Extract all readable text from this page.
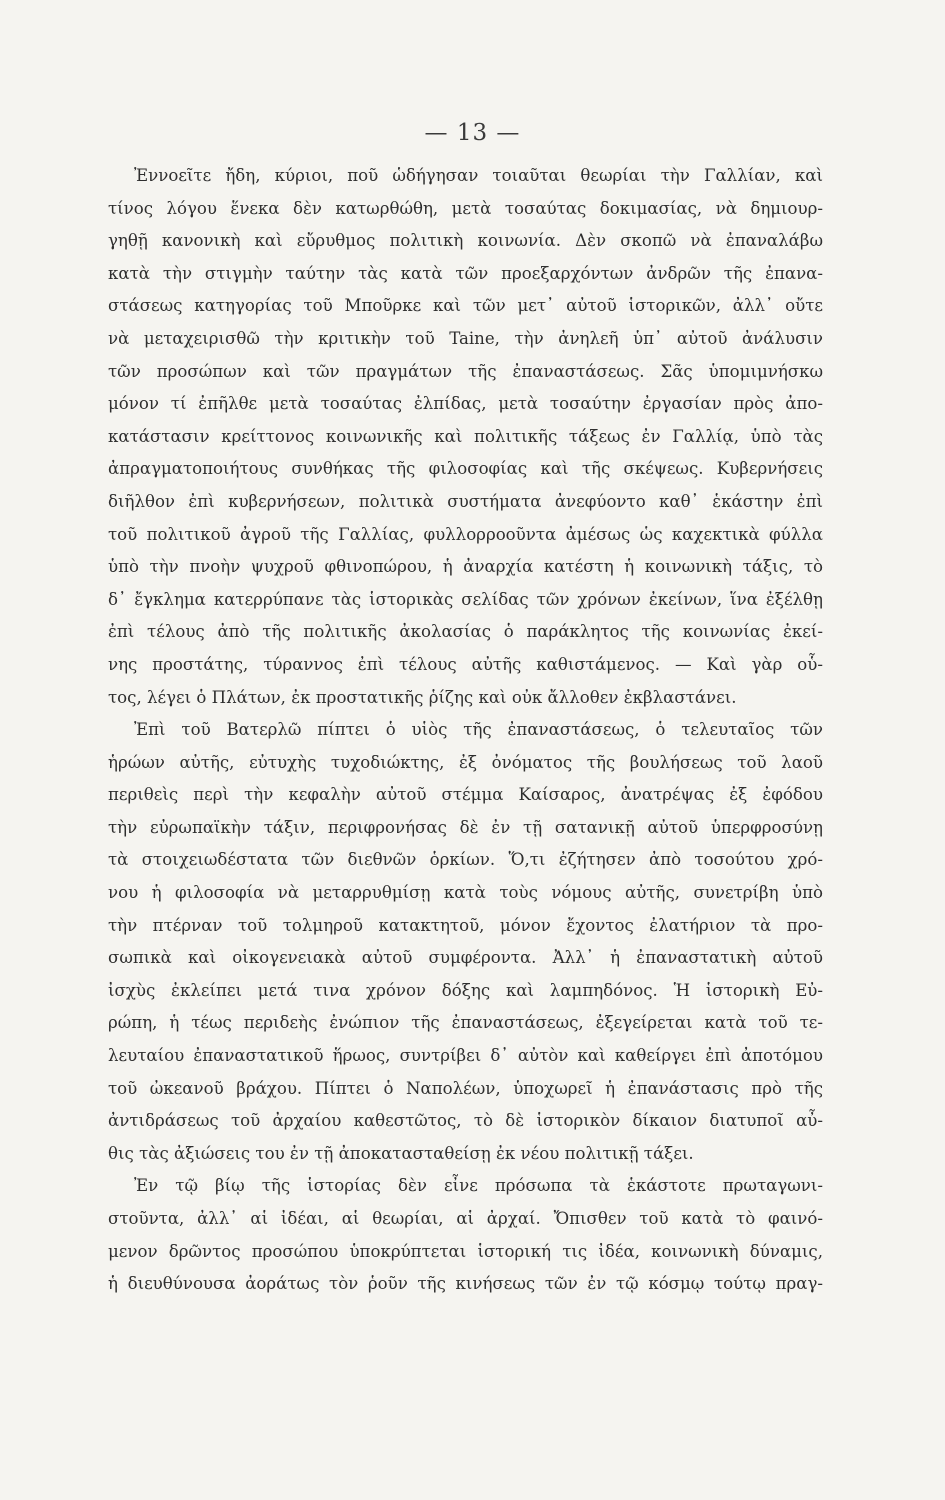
— 13 —
Ἐννοεῖτε ἤδη, κύριοι, ποῦ ὡδήγησαν τοιαῦται θεωρίαι τὴν Γαλλίαν, καὶ
τίνος λόγου ἕνεκα δὲν κατωρθώθη, μετὰ τοσαύτας δοκιμασίας, νὰ δημιουρ-
γηθῇ κανονικὴ καὶ εὔρυθμος πολιτικὴ κοινωνία. Δὲν σκοπῶ νὰ ἐπαναλάβω
κατὰ τὴν στιγμὴν ταύτην τὰς κατὰ τῶν προεξαρχόντων ἀνδρῶν τῆς ἐπανα-
στάσεως κατηγορίας τοῦ Μποῦρκε καὶ τῶν μετ᾽ αὐτοῦ ἱστορικῶν, ἀλλ᾽ οὔτε
νὰ μεταχειρισθῶ τὴν κριτικὴν τοῦ Taine, τὴν ἀνηλεῆ ὑπ᾽ αὐτοῦ ἀνάλυσιν
τῶν προσώπων καὶ τῶν πραγμάτων τῆς ἐπαναστάσεως. Σᾶς ὑπομιμνήσκω
μόνον τί ἐπῆλθε μετὰ τοσαύτας ἐλπίδας, μετὰ τοσαύτην ἐργασίαν πρὸς ἀπο-
κατάστασιν κρείττονος κοινωνικῆς καὶ πολιτικῆς τάξεως ἐν Γαλλίᾳ, ὑπὸ τὰς
ἀπραγματοποιήτους συνθήκας τῆς φιλοσοφίας καὶ τῆς σκέψεως. Κυβερνήσεις
διῆλθον ἐπὶ κυβερνήσεων, πολιτικὰ συστήματα ἀνεφύοντο καθ᾽ ἑκάστην ἐπὶ
τοῦ πολιτικοῦ ἀγροῦ τῆς Γαλλίας, φυλλορροοῦντα ἀμέσως ὡς καχεκτικὰ φύλλα
ὑπὸ τὴν πνοὴν ψυχροῦ φθινοπώρου, ἡ ἀναρχία κατέστη ἡ κοινωνικὴ τάξις, τὸ
δ᾽ ἔγκλημα κατερρύπανε τὰς ἱστορικὰς σελίδας τῶν χρόνων ἐκείνων, ἵνα ἐξέλθῃ
ἐπὶ τέλους ἀπὸ τῆς πολιτικῆς ἀκολασίας ὁ παράκλητος τῆς κοινωνίας ἐκεί-
νης προστάτης, τύραννος ἐπὶ τέλους αὐτῆς καθιστάμενος. — Καὶ γὰρ οὗ-
τος, λέγει ὁ Πλάτων, ἐκ προστατικῆς ῥίζης καὶ οὐκ ἄλλοθεν ἐκβλαστάνει.
Ἐπὶ τοῦ Βατερλῶ πίπτει ὁ υἱὸς τῆς ἐπαναστάσεως, ὁ τελευταῖος τῶν
ἡρώων αὐτῆς, εὐτυχὴς τυχοδιώκτης, ἐξ ὀνόματος τῆς βουλήσεως τοῦ λαοῦ
περιθεὶς περὶ τὴν κεφαλὴν αὐτοῦ στέμμα Καίσαρος, ἀνατρέψας ἐξ ἐφόδου
τὴν εὐρωπαϊκὴν τάξιν, περιφρονήσας δὲ ἐν τῇ σατανικῇ αὐτοῦ ὑπερφροσύνῃ
τὰ στοιχειωδέστατα τῶν διεθνῶν ὁρκίων. Ὅ,τι ἐζήτησεν ἀπὸ τοσούτου χρό-
νου ἡ φιλοσοφία νὰ μεταρρυθμίσῃ κατὰ τοὺς νόμους αὐτῆς, συνετρίβη ὑπὸ
τὴν πτέρναν τοῦ τολμηροῦ κατακτητοῦ, μόνον ἔχοντος ἐλατήριον τὰ προ-
σωπικὰ καὶ οἰκογενειακὰ αὐτοῦ συμφέροντα. Ἀλλ᾽ ἡ ἐπαναστατικὴ αὐτοῦ
ἰσχὺς ἐκλείπει μετά τινα χρόνον δόξης καὶ λαμπηδόνος. Ἡ ἱστορικὴ Εὐ-
ρώπη, ἡ τέως περιδεὴς ἐνώπιον τῆς ἐπαναστάσεως, ἐξεγείρεται κατὰ τοῦ τε-
λευταίου ἐπαναστατικοῦ ἥρωος, συντρίβει δ᾽ αὐτὸν καὶ καθείργει ἐπὶ ἀποτόμου
τοῦ ὠκεανοῦ βράχου. Πίπτει ὁ Ναπολέων, ὑποχωρεῖ ἡ ἐπανάστασις πρὸ τῆς
ἀντιδράσεως τοῦ ἀρχαίου καθεστῶτος, τὸ δὲ ἱστορικὸν δίκαιον διατυποῖ αὖ-
θις τὰς ἀξιώσεις του ἐν τῇ ἀποκατασταθείσῃ ἐκ νέου πολιτικῇ τάξει.
Ἐν τῷ βίῳ τῆς ἱστορίας δὲν εἶνε πρόσωπα τὰ ἑκάστοτε πρωταγωνι-
στοῦντα, ἀλλ᾽ αἱ ἰδέαι, αἱ θεωρίαι, αἱ ἀρχαί. Ὄπισθεν τοῦ κατὰ τὸ φαινό-
μενον δρῶντος προσώπου ὑποκρύπτεται ἱστορική τις ἰδέα, κοινωνικὴ δύναμις,
ἡ διευθύνουσα ἀοράτως τὸν ῥοῦν τῆς κινήσεως τῶν ἐν τῷ κόσμῳ τούτῳ πραγ-
